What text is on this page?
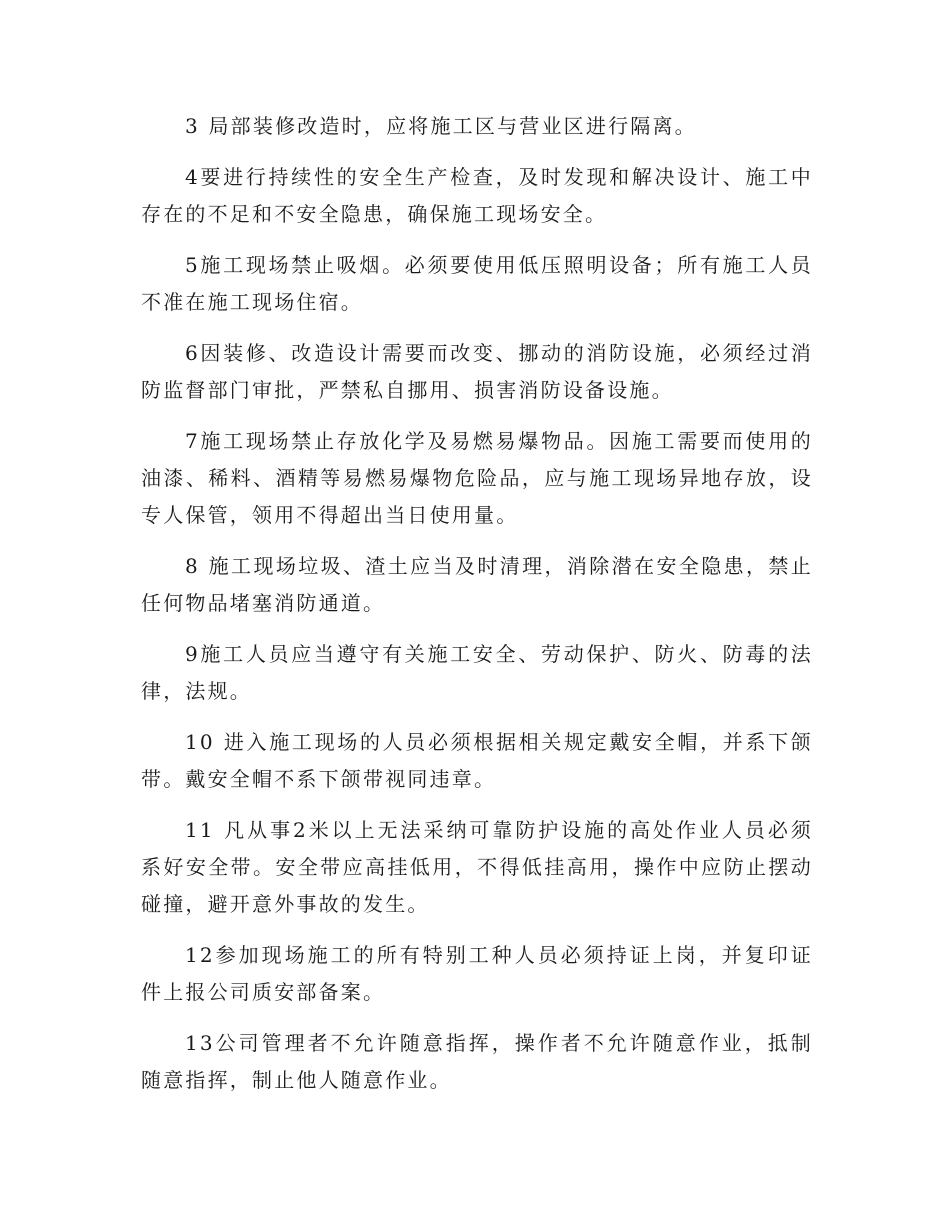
3 局部装修改造时，应将施工区与营业区进行隔离。

4要进行持续性的安全生产检查，及时发现和解决设计、施工中存在的不足和不安全隐患，确保施工现场安全。

5施工现场禁止吸烟。必须要使用低压照明设备；所有施工人员不准在施工现场住宿。

6因装修、改造设计需要而改变、挪动的消防设施，必须经过消防监督部门审批，严禁私自挪用、损害消防设备设施。

7施工现场禁止存放化学及易燃易爆物品。因施工需要而使用的油漆、稀料、酒精等易燃易爆物危险品，应与施工现场异地存放，设专人保管，领用不得超出当日使用量。

8 施工现场垃圾、渣土应当及时清理，消除潜在安全隐患，禁止任何物品堵塞消防通道。

9施工人员应当遵守有关施工安全、劳动保护、防火、防毒的法律，法规。

10 进入施工现场的人员必须根据相关规定戴安全帽，并系下颌带。戴安全帽不系下颌带视同违章。

11 凡从事2米以上无法采纳可靠防护设施的高处作业人员必须系好安全带。安全带应高挂低用，不得低挂高用，操作中应防止摆动碰撞，避开意外事故的发生。

12参加现场施工的所有特别工种人员必须持证上岗，并复印证件上报公司质安部备案。

13公司管理者不允许随意指挥，操作者不允许随意作业，抵制随意指挥，制止他人随意作业。
